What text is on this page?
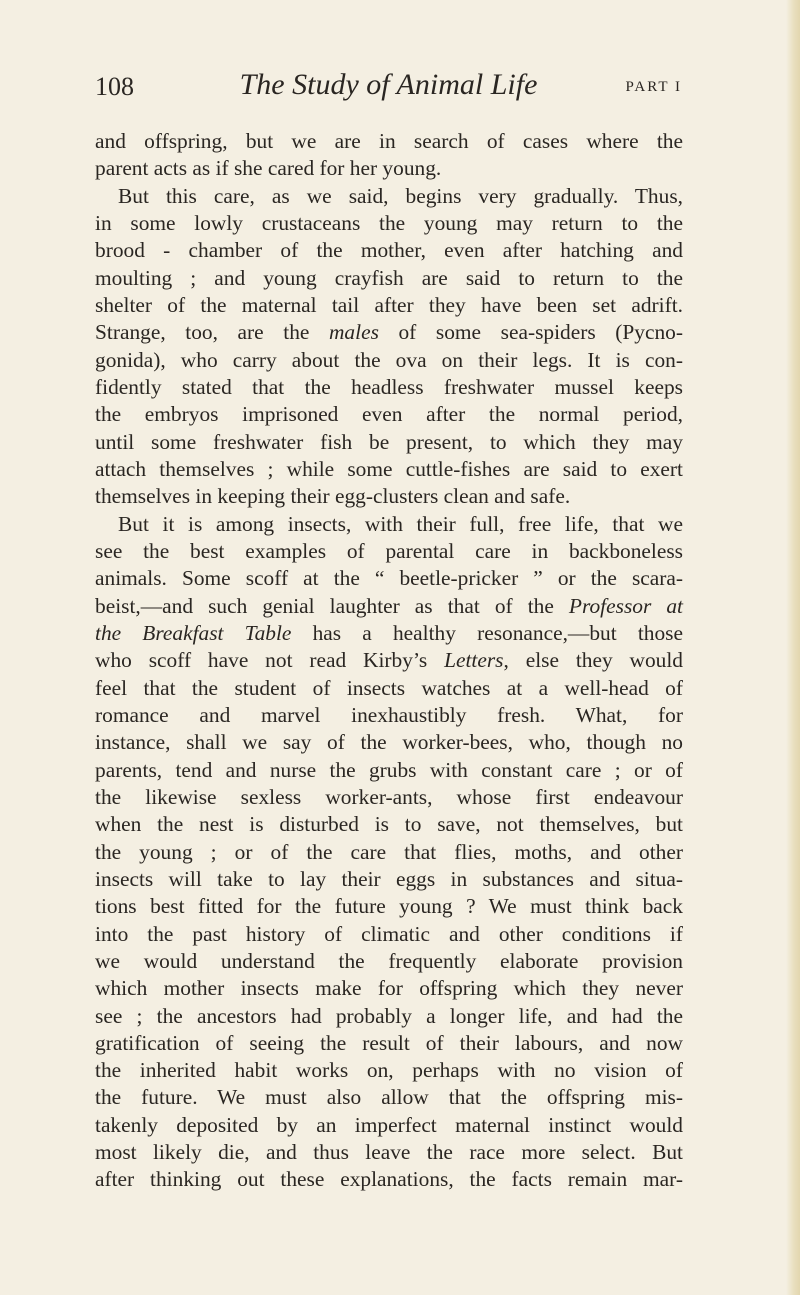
108	The Study of Animal Life	PART I
and offspring, but we are in search of cases where the
parent acts as if she cared for her young.
But this care, as we said, begins very gradually. Thus,
in some lowly crustaceans the young may return to the
brood - chamber of the mother, even after hatching and
moulting ; and young crayfish are said to return to the
shelter of the maternal tail after they have been set adrift.
Strange, too, are the males of some sea-spiders (Pycno-
gonida), who carry about the ova on their legs. It is con-
fidently stated that the headless freshwater mussel keeps
the embryos imprisoned even after the normal period,
until some freshwater fish be present, to which they may
attach themselves ; while some cuttle-fishes are said to exert
themselves in keeping their egg-clusters clean and safe.
But it is among insects, with their full, free life, that we
see the best examples of parental care in backboneless
animals. Some scoff at the “ beetle-pricker ” or the scara-
beist,—and such genial laughter as that of the Professor at
the Breakfast Table has a healthy resonance,—but those
who scoff have not read Kirby’s Letters, else they would
feel that the student of insects watches at a well-head of
romance and marvel inexhaustibly fresh. What, for
instance, shall we say of the worker-bees, who, though no
parents, tend and nurse the grubs with constant care ; or of
the likewise sexless worker-ants, whose first endeavour
when the nest is disturbed is to save, not themselves, but
the young ; or of the care that flies, moths, and other
insects will take to lay their eggs in substances and situa-
tions best fitted for the future young ? We must think back
into the past history of climatic and other conditions if
we would understand the frequently elaborate provision
which mother insects make for offspring which they never
see ; the ancestors had probably a longer life, and had the
gratification of seeing the result of their labours, and now
the inherited habit works on, perhaps with no vision of
the future. We must also allow that the offspring mis-
takenly deposited by an imperfect maternal instinct would
most likely die, and thus leave the race more select. But
after thinking out these explanations, the facts remain mar-
